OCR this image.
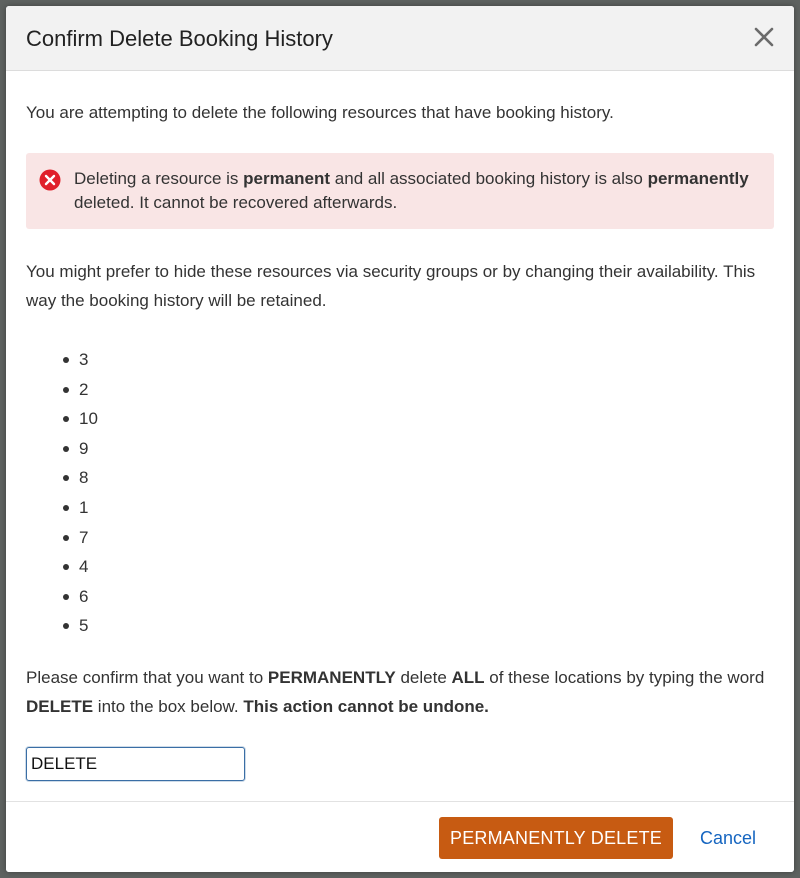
Confirm Delete Booking History

You are attempting to delete the following resources that have booking history.

Deleting a resource is permanent and all associated booking history is also permanently deleted. It cannot be recovered afterwards.

You might prefer to hide these resources via security groups or by changing their availability. This way the booking history will be retained.

3
2
10
9
8
1
7
4
6
5

Please confirm that you want to PERMANENTLY delete ALL of these locations by typing the word DELETE into the box below. This action cannot be undone.

DELETE
PERMANENTLY DELETE	Cancel
